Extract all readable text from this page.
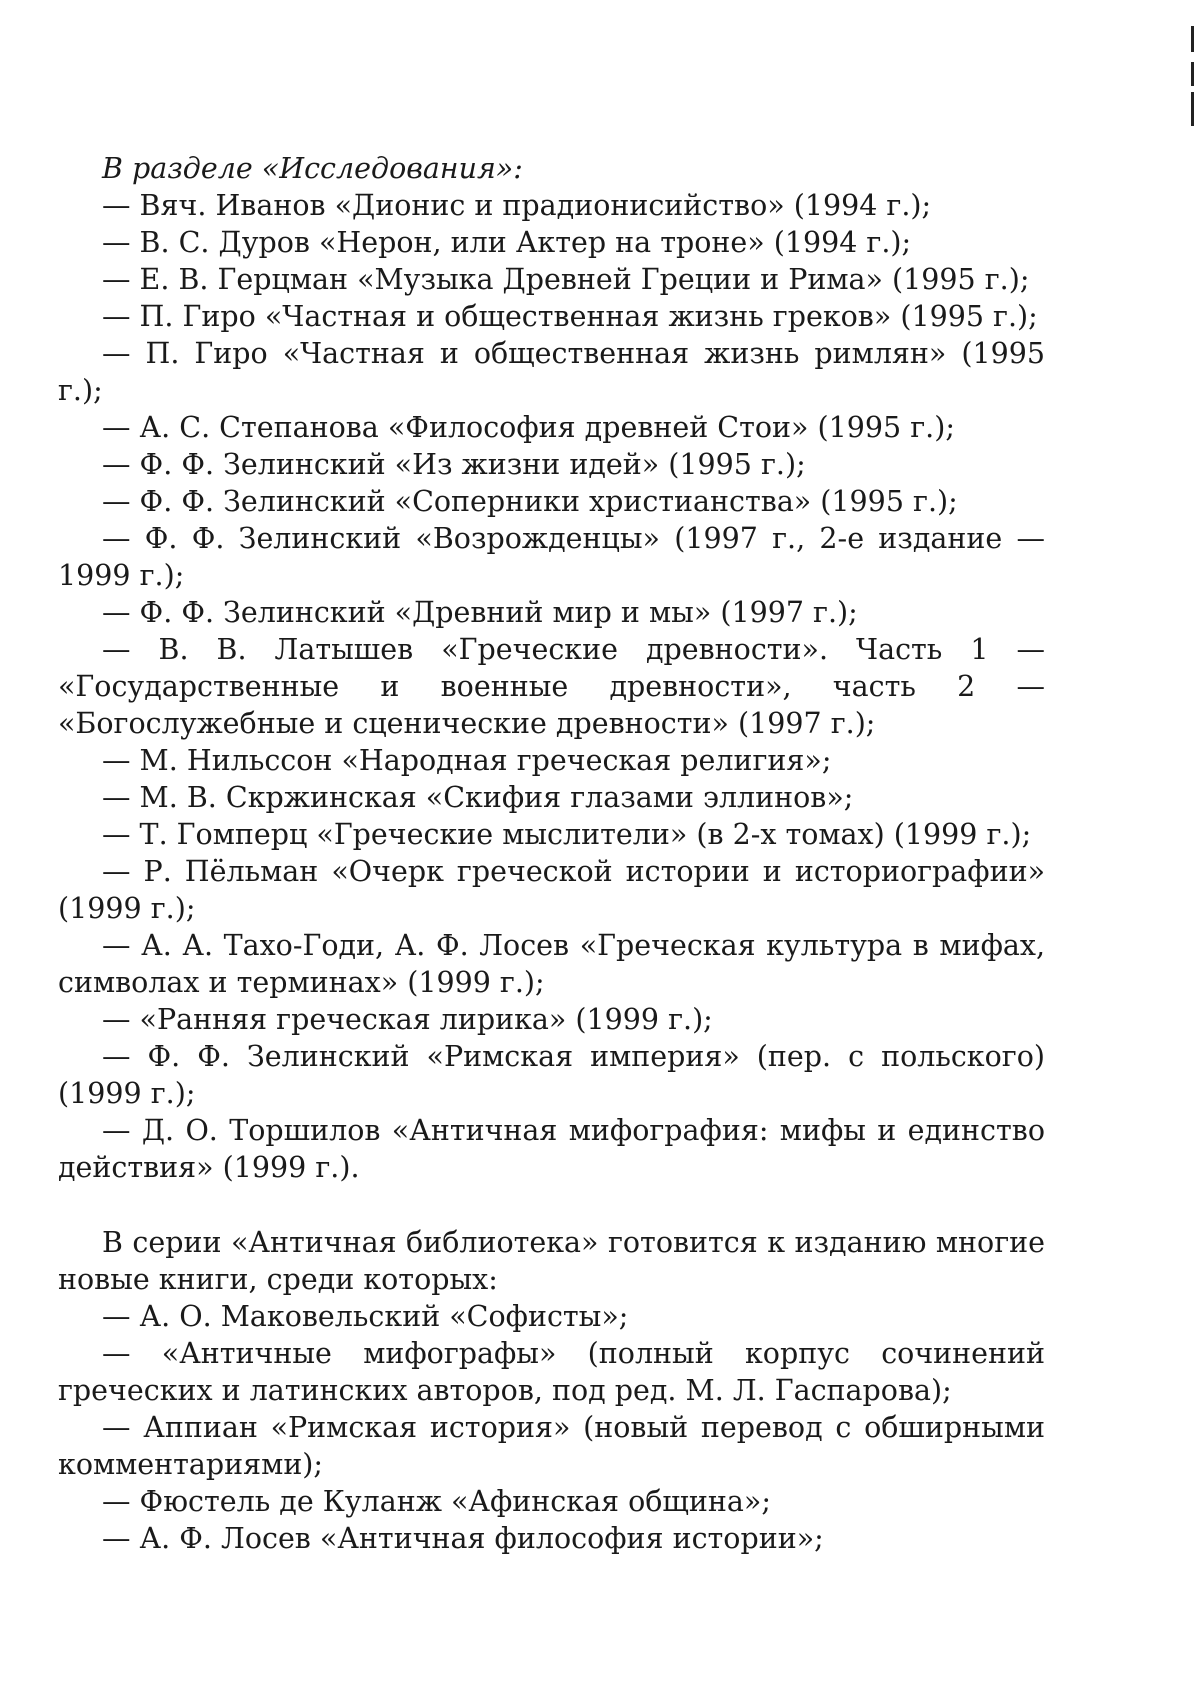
В разделе «Исследования»:

— Вяч. Иванов «Дионис и прадионисийство» (1994 г.);

— В. С. Дуров «Нерон, или Актер на троне» (1994 г.);

— Е. В. Герцман «Музыка Древней Греции и Рима» (1995 г.);

— П. Гиро «Частная и общественная жизнь греков» (1995 г.);

— П. Гиро «Частная и общественная жизнь римлян» (1995 г.);

— А. С. Степанова «Философия древней Стои» (1995 г.);

— Ф. Ф. Зелинский «Из жизни идей» (1995 г.);

— Ф. Ф. Зелинский «Соперники христианства» (1995 г.);

— Ф. Ф. Зелинский «Возрожденцы» (1997 г., 2-е издание — 1999 г.);

— Ф. Ф. Зелинский «Древний мир и мы» (1997 г.);

— В. В. Латышев «Греческие древности». Часть 1 — «Государственные и военные древности», часть 2 — «Богослужебные и сценические древности» (1997 г.);

— М. Нильссон «Народная греческая религия»;

— М. В. Скржинская «Скифия глазами эллинов»;

— Т. Гомперц «Греческие мыслители» (в 2-х томах) (1999 г.);

— Р. Пёльман «Очерк греческой истории и историографии» (1999 г.);

— А. А. Тахо-Годи, А. Ф. Лосев «Греческая культура в мифах, символах и терминах» (1999 г.);

— «Ранняя греческая лирика» (1999 г.);

— Ф. Ф. Зелинский «Римская империя» (пер. с польского) (1999 г.);

— Д. О. Торшилов «Античная мифография: мифы и единство действия» (1999 г.).

В серии «Античная библиотека» готовится к изданию многие новые книги, среди которых:

— А. О. Маковельский «Софисты»;

— «Античные мифографы» (полный корпус сочинений греческих и латинских авторов, под ред. М. Л. Гаспарова);

— Аппиан «Римская история» (новый перевод с обширными комментариями);

— Фюстель де Куланж «Афинская община»;

— А. Ф. Лосев «Античная философия истории»;
